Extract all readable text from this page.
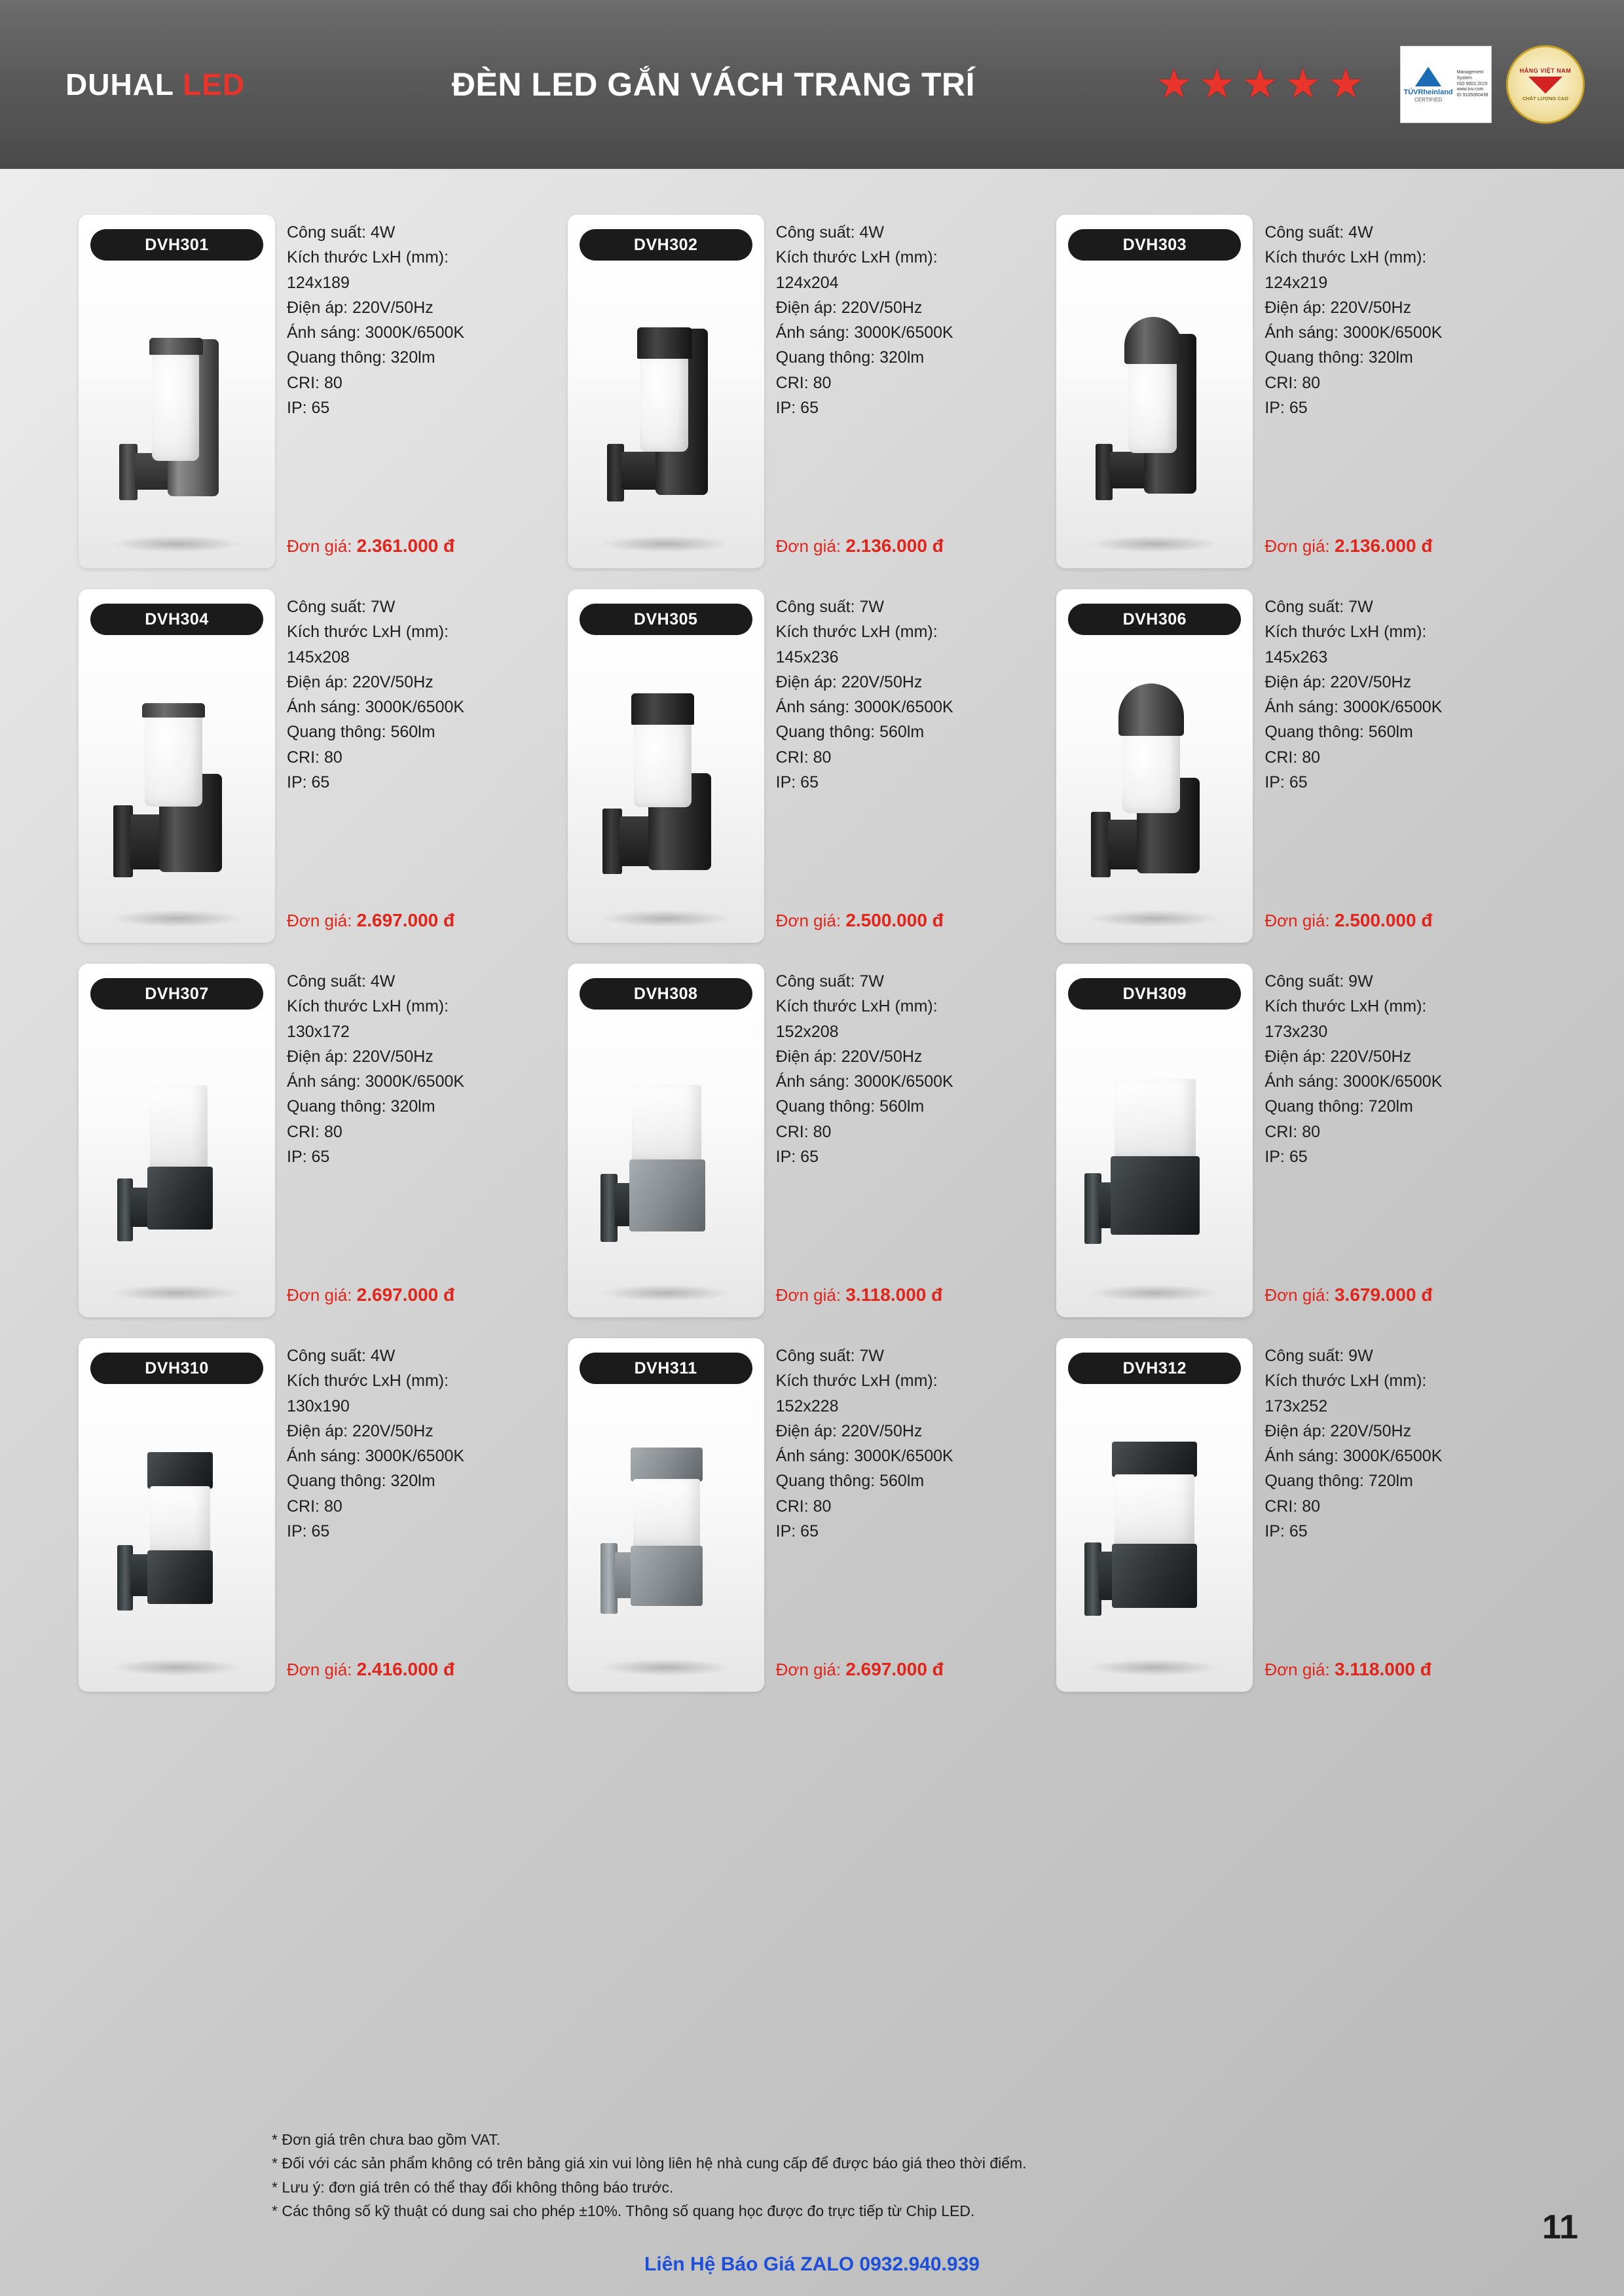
DUHAL LED	ĐÈN LED GẮN VÁCH TRANG TRÍ	★ ★ ★ ★ ★	TÜVRheinland
CERTIFIED
Management
System
ISO 9001:2015
www.tuv.com
ID 9105060438
HÀNG VIỆT NAM
CHẤT LƯỢNG CAO
DVH301
Công suất: 4W
Kích thước LxH (mm):
124x189
Điện áp: 220V/50Hz
Ánh sáng: 3000K/6500K
Quang thông: 320lm
CRI: 80
IP: 65
Đơn giá: 2.361.000 đ
DVH302
Công suất: 4W
Kích thước LxH (mm):
124x204
Điện áp: 220V/50Hz
Ánh sáng: 3000K/6500K
Quang thông: 320lm
CRI: 80
IP: 65
Đơn giá: 2.136.000 đ
DVH303
Công suất: 4W
Kích thước LxH (mm):
124x219
Điện áp: 220V/50Hz
Ánh sáng: 3000K/6500K
Quang thông: 320lm
CRI: 80
IP: 65
Đơn giá: 2.136.000 đ
DVH304
Công suất: 7W
Kích thước LxH (mm):
145x208
Điện áp: 220V/50Hz
Ánh sáng: 3000K/6500K
Quang thông: 560lm
CRI: 80
IP: 65
Đơn giá: 2.697.000 đ
DVH305
Công suất: 7W
Kích thước LxH (mm):
145x236
Điện áp: 220V/50Hz
Ánh sáng: 3000K/6500K
Quang thông: 560lm
CRI: 80
IP: 65
Đơn giá: 2.500.000 đ
DVH306
Công suất: 7W
Kích thước LxH (mm):
145x263
Điện áp: 220V/50Hz
Ánh sáng: 3000K/6500K
Quang thông: 560lm
CRI: 80
IP: 65
Đơn giá: 2.500.000 đ
DVH307
Công suất: 4W
Kích thước LxH (mm):
130x172
Điện áp: 220V/50Hz
Ánh sáng: 3000K/6500K
Quang thông: 320lm
CRI: 80
IP: 65
Đơn giá: 2.697.000 đ
DVH308
Công suất: 7W
Kích thước LxH (mm):
152x208
Điện áp: 220V/50Hz
Ánh sáng: 3000K/6500K
Quang thông: 560lm
CRI: 80
IP: 65
Đơn giá: 3.118.000 đ
DVH309
Công suất: 9W
Kích thước LxH (mm):
173x230
Điện áp: 220V/50Hz
Ánh sáng: 3000K/6500K
Quang thông: 720lm
CRI: 80
IP: 65
Đơn giá: 3.679.000 đ
DVH310
Công suất: 4W
Kích thước LxH (mm):
130x190
Điện áp: 220V/50Hz
Ánh sáng: 3000K/6500K
Quang thông: 320lm
CRI: 80
IP: 65
Đơn giá: 2.416.000 đ
DVH311
Công suất: 7W
Kích thước LxH (mm):
152x228
Điện áp: 220V/50Hz
Ánh sáng: 3000K/6500K
Quang thông: 560lm
CRI: 80
IP: 65
Đơn giá: 2.697.000 đ
DVH312
Công suất: 9W
Kích thước LxH (mm):
173x252
Điện áp: 220V/50Hz
Ánh sáng: 3000K/6500K
Quang thông: 720lm
CRI: 80
IP: 65
Đơn giá: 3.118.000 đ
* Đơn giá trên chưa bao gồm VAT.
* Đối với các sản phẩm không có trên bảng giá xin vui lòng liên hệ nhà cung cấp để được báo giá theo thời điểm.
* Lưu ý: đơn giá trên có thể thay đổi không thông báo trước.
* Các thông số kỹ thuật có dung sai cho phép ±10%. Thông số quang học được đo trực tiếp từ Chip LED.
Liên Hệ Báo Giá ZALO 0932.940.939
11
